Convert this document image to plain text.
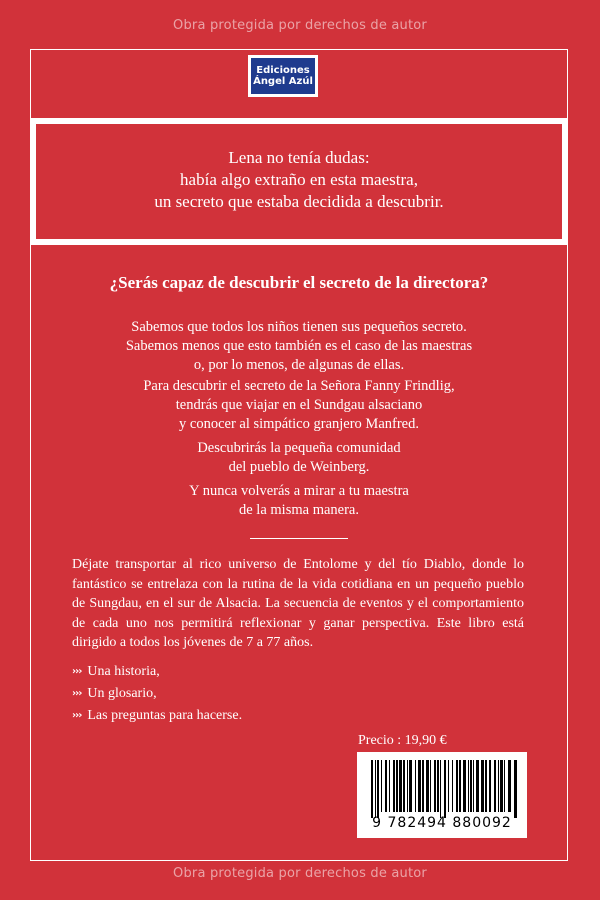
Obra protegida por derechos de autor
Ediciones
Ángel Azúl
Lena no tenía dudas:
había algo extraño en esta maestra,
un secreto que estaba decidida a descubrir.
¿Serás capaz de descubrir el secreto de la directora?
Sabemos que todos los niños tienen sus pequeños secreto.
Sabemos menos que esto también es el caso de las maestras
o, por lo menos, de algunas de ellas.
Para descubrir el secreto de la Señora Fanny Frindlig,
tendrás que viajar en el Sundgau alsaciano
y conocer al simpático granjero Manfred.
Descubrirás la pequeña comunidad
del pueblo de Weinberg.
Y nunca volverás a mirar a tu maestra
de la misma manera.
Déjate transportar al rico universo de Entolome y del tío Diablo, donde lo fantástico se entrelaza con la rutina de la vida cotidiana en un pequeño pueblo de Sungdau, en el sur de Alsacia. La secuencia de eventos y el comportamiento de cada uno nos permitirá reflexionar y ganar perspectiva. Este libro está dirigido a todos los jóvenes de 7 a 77 años.
››› Una historia,
››› Un glosario,
››› Las preguntas para hacerse.
Precio : 19,90 €
9 782494 880092
Obra protegida por derechos de autor
